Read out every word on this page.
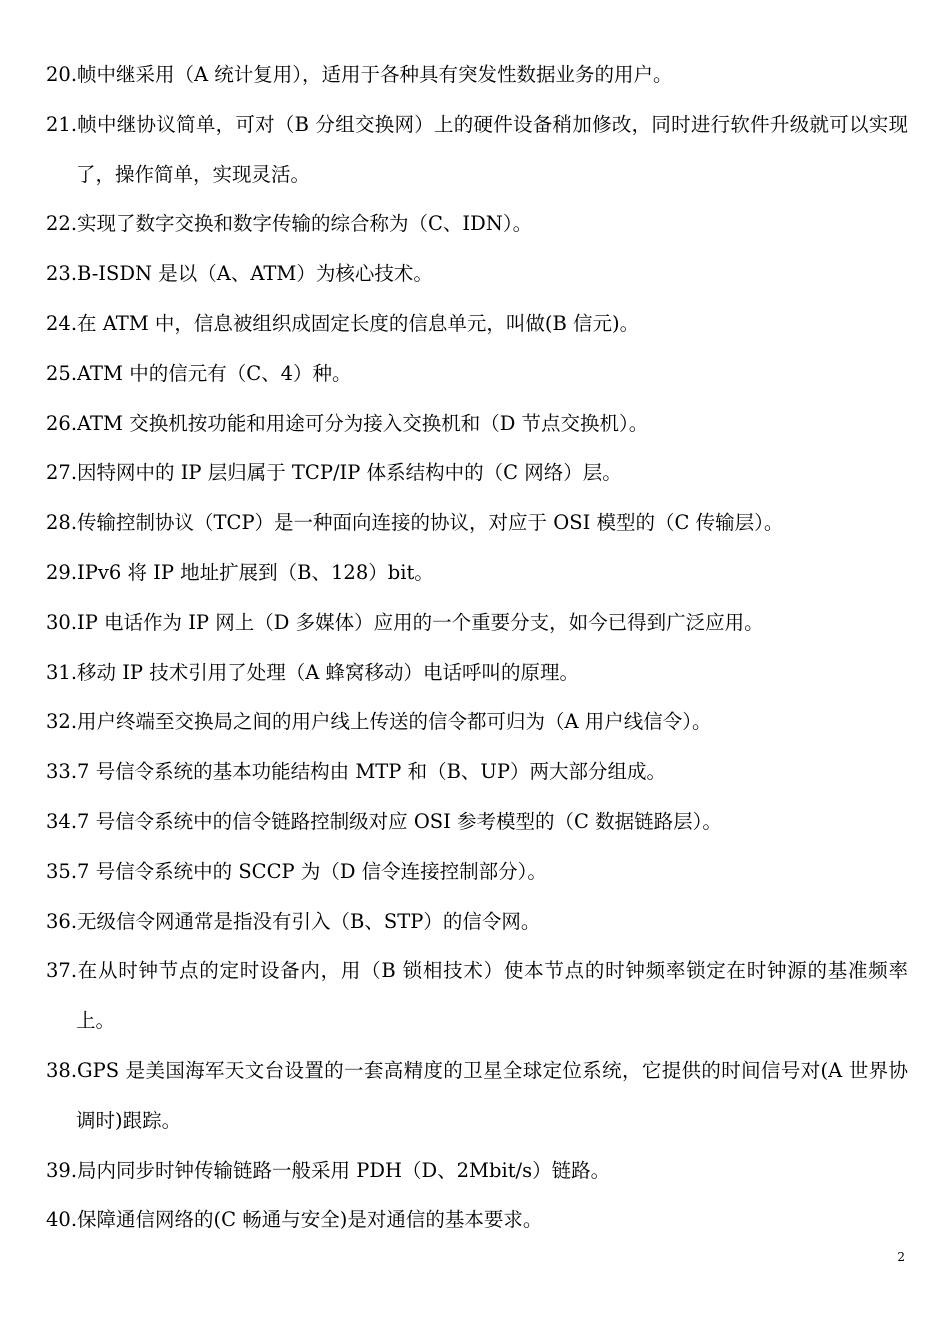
20.帧中继采用（A 统计复用），适用于各种具有突发性数据业务的用户。
21.帧中继协议简单，可对（B 分组交换网）上的硬件设备稍加修改，同时进行软件升级就可以实现了，操作简单，实现灵活。
22.实现了数字交换和数字传输的综合称为（C、IDN）。
23.B-ISDN 是以（A、ATM）为核心技术。
24.在 ATM 中，信息被组织成固定长度的信息单元，叫做(B 信元)。
25.ATM 中的信元有（C、4）种。
26.ATM 交换机按功能和用途可分为接入交换机和（D 节点交换机）。
27.因特网中的 IP 层归属于 TCP/IP 体系结构中的（C 网络）层。
28.传输控制协议（TCP）是一种面向连接的协议，对应于 OSI 模型的（C 传输层）。
29.IPv6 将 IP 地址扩展到（B、128）bit。
30.IP 电话作为 IP 网上（D 多媒体）应用的一个重要分支，如今已得到广泛应用。
31.移动 IP 技术引用了处理（A 蜂窝移动）电话呼叫的原理。
32.用户终端至交换局之间的用户线上传送的信令都可归为（A 用户线信令）。
33.7 号信令系统的基本功能结构由 MTP 和（B、UP）两大部分组成。
34.7 号信令系统中的信令链路控制级对应 OSI 参考模型的（C 数据链路层）。
35.7 号信令系统中的 SCCP 为（D 信令连接控制部分）。
36.无级信令网通常是指没有引入（B、STP）的信令网。
37.在从时钟节点的定时设备内，用（B 锁相技术）使本节点的时钟频率锁定在时钟源的基准频率上。
38.GPS 是美国海军天文台设置的一套高精度的卫星全球定位系统，它提供的时间信号对(A 世界协调时)跟踪。
39.局内同步时钟传输链路一般采用 PDH（D、2Mbit/s）链路。
40.保障通信网络的(C 畅通与安全)是对通信的基本要求。
2
